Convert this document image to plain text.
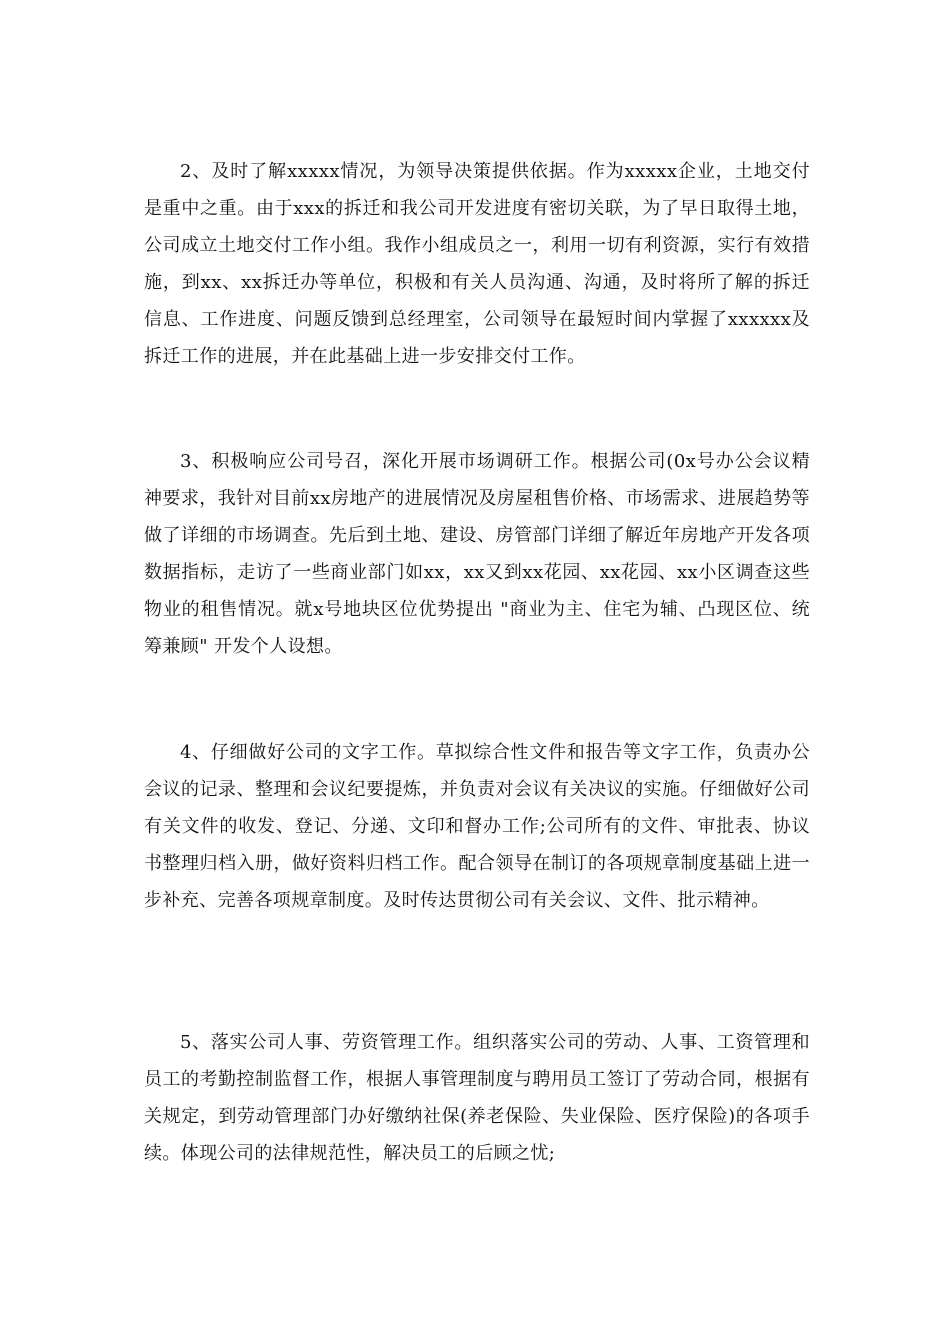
2、及时了解xxxxx情况，为领导决策提供依据。作为xxxxx企业，土地交付是重中之重。由于xxx的拆迁和我公司开发进度有密切关联，为了早日取得土地，公司成立土地交付工作小组。我作小组成员之一，利用一切有利资源，实行有效措施，到xx、xx拆迁办等单位，积极和有关人员沟通、沟通，及时将所了解的拆迁信息、工作进度、问题反馈到总经理室，公司领导在最短时间内掌握了xxxxxx及拆迁工作的进展，并在此基础上进一步安排交付工作。

3、积极响应公司号召，深化开展市场调研工作。根据公司(0x号办公会议精神要求，我针对目前xx房地产的进展情况及房屋租售价格、市场需求、进展趋势等做了详细的市场调查。先后到土地、建设、房管部门详细了解近年房地产开发各项数据指标，走访了一些商业部门如xx，xx又到xx花园、xx花园、xx小区调查这些物业的租售情况。就x号地块区位优势提出 "商业为主、住宅为辅、凸现区位、统筹兼顾" 开发个人设想。

4、仔细做好公司的文字工作。草拟综合性文件和报告等文字工作，负责办公会议的记录、整理和会议纪要提炼，并负责对会议有关决议的实施。仔细做好公司有关文件的收发、登记、分递、文印和督办工作;公司所有的文件、审批表、协议书整理归档入册，做好资料归档工作。配合领导在制订的各项规章制度基础上进一步补充、完善各项规章制度。及时传达贯彻公司有关会议、文件、批示精神。

5、落实公司人事、劳资管理工作。组织落实公司的劳动、人事、工资管理和员工的考勤控制监督工作，根据人事管理制度与聘用员工签订了劳动合同，根据有关规定，到劳动管理部门办好缴纳社保(养老保险、失业保险、医疗保险)的各项手续。体现公司的法律规范性，解决员工的后顾之忧;
